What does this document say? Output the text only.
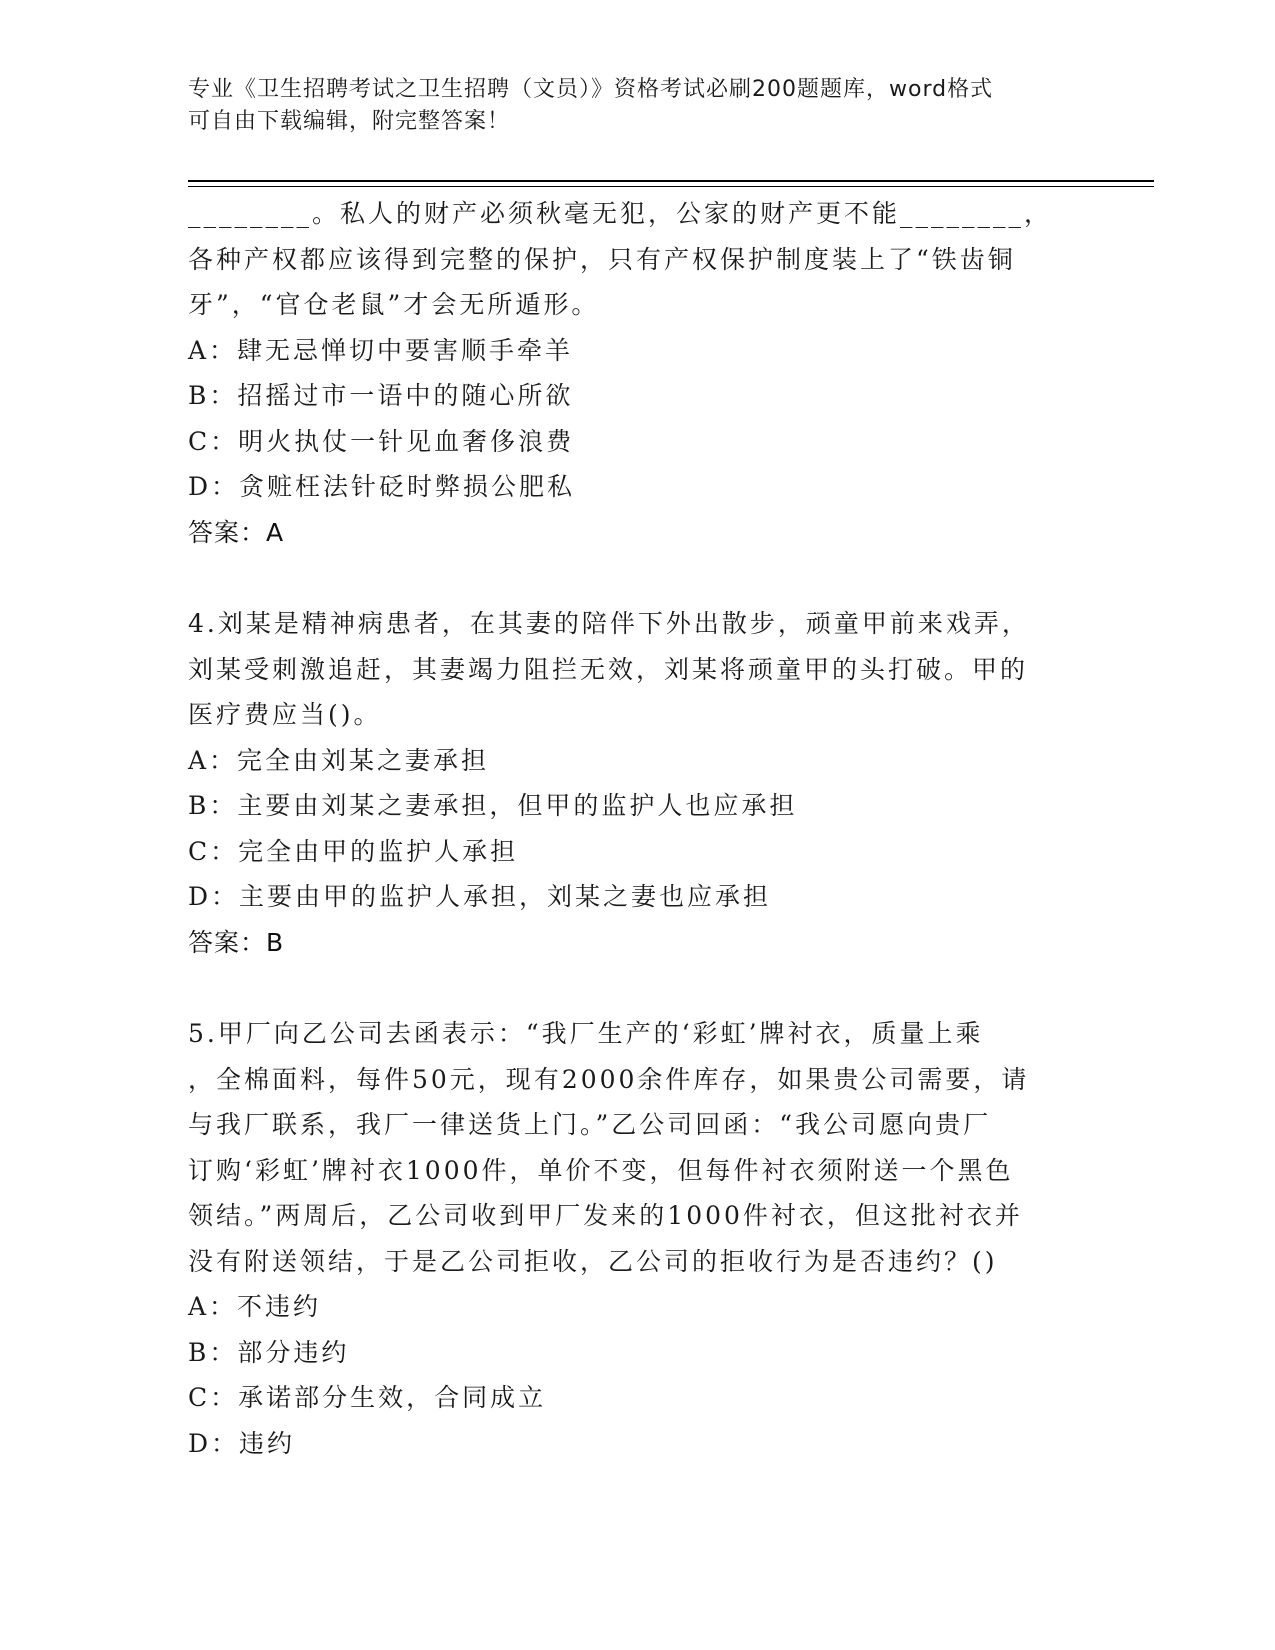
专业《卫生招聘考试之卫生招聘（文员）》资格考试必刷200题题库，word格式
可自由下载编辑，附完整答案！
________。私人的财产必须秋毫无犯，公家的财产更不能________，
各种产权都应该得到完整的保护，只有产权保护制度装上了“铁齿铜
牙”，“官仓老鼠”才会无所遁形。
A：肆无忌惮切中要害顺手牵羊
B：招摇过市一语中的随心所欲
C：明火执仗一针见血奢侈浪费
D：贪赃枉法针砭时弊损公肥私
答案：A
4.刘某是精神病患者，在其妻的陪伴下外出散步，顽童甲前来戏弄，
刘某受刺激追赶，其妻竭力阻拦无效，刘某将顽童甲的头打破。甲的
医疗费应当()。
A：完全由刘某之妻承担
B：主要由刘某之妻承担，但甲的监护人也应承担
C：完全由甲的监护人承担
D：主要由甲的监护人承担，刘某之妻也应承担
答案：B
5.甲厂向乙公司去函表示：“我厂生产的‘彩虹’牌衬衣，质量上乘
，全棉面料，每件50元，现有2000余件库存，如果贵公司需要，请
与我厂联系，我厂一律送货上门。”乙公司回函：“我公司愿向贵厂
订购‘彩虹’牌衬衣1000件，单价不变，但每件衬衣须附送一个黑色
领结。”两周后，乙公司收到甲厂发来的1000件衬衣，但这批衬衣并
没有附送领结，于是乙公司拒收，乙公司的拒收行为是否违约？()
A：不违约
B：部分违约
C：承诺部分生效，合同成立
D：违约
